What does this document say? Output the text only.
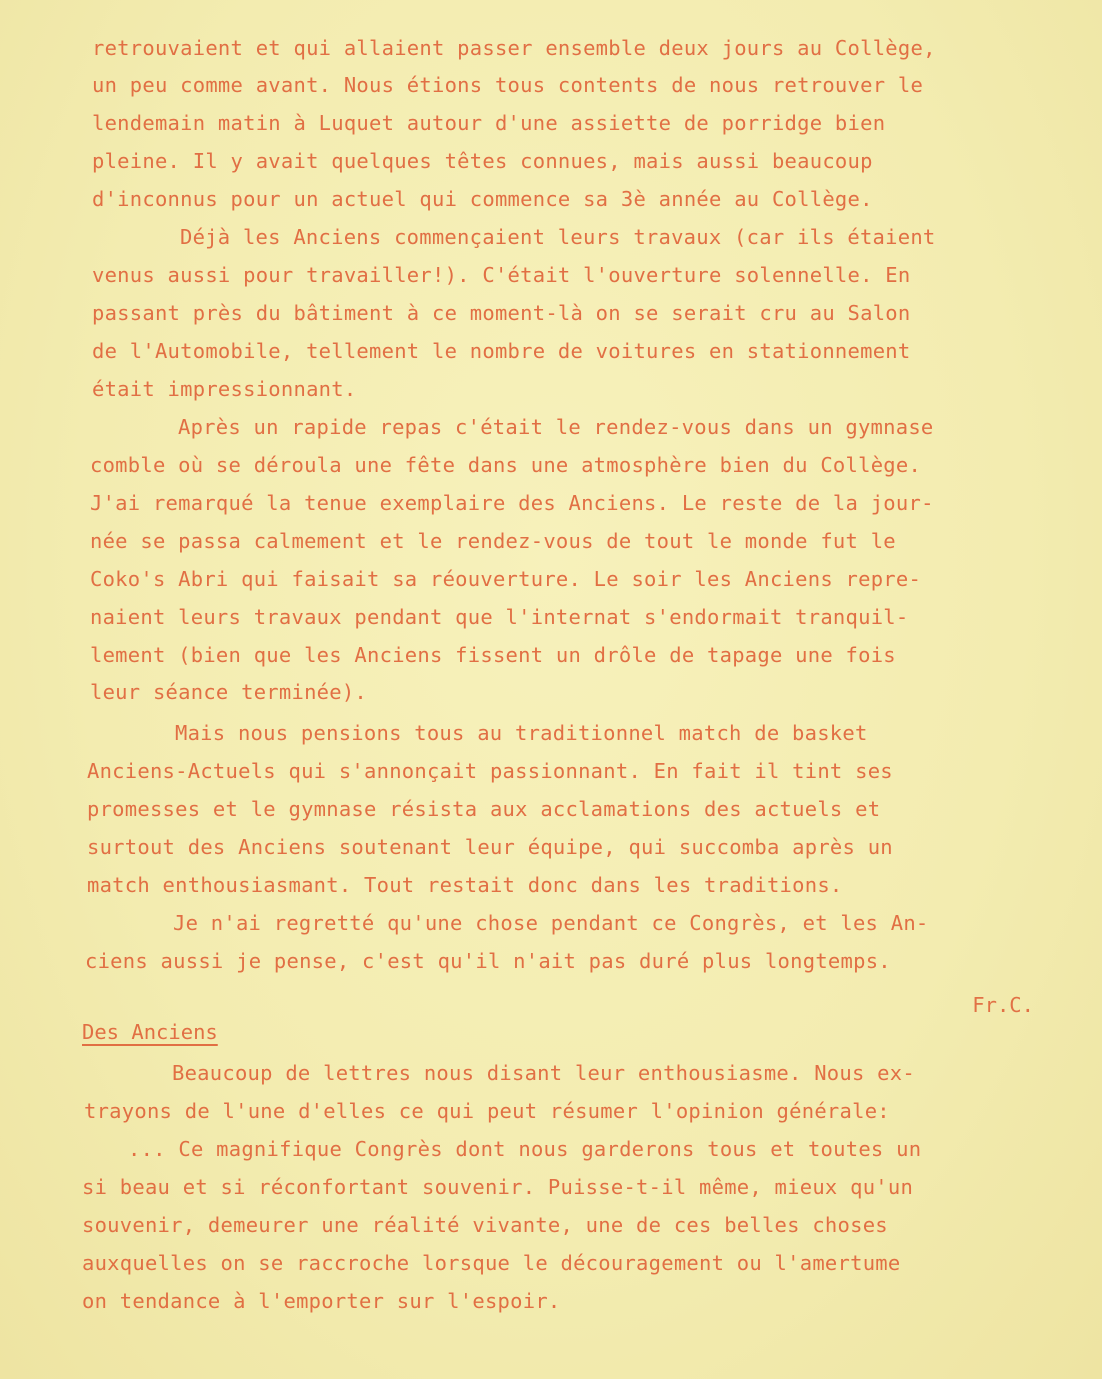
retrouvaient et qui allaient passer ensemble deux jours au Collège,
un peu comme avant. Nous étions tous contents de nous retrouver le
lendemain matin à Luquet autour d'une assiette de porridge bien
pleine. Il y avait quelques têtes connues, mais aussi beaucoup
d'inconnus pour un actuel qui commence sa 3è année au Collège.
Déjà les Anciens commençaient leurs travaux (car ils étaient
venus aussi pour travailler!). C'était l'ouverture solennelle. En
passant près du bâtiment à ce moment-là on se serait cru au Salon
de l'Automobile, tellement le nombre de voitures en stationnement
était impressionnant.
Après un rapide repas c'était le rendez-vous dans un gymnase
comble où se déroula une fête dans une atmosphère bien du Collège.
J'ai remarqué la tenue exemplaire des Anciens. Le reste de la jour-
née se passa calmement et le rendez-vous de tout le monde fut le
Coko's Abri qui faisait sa réouverture. Le soir les Anciens repre-
naient leurs travaux pendant que l'internat s'endormait tranquil-
lement (bien que les Anciens fissent un drôle de tapage une fois
leur séance terminée).
Mais nous pensions tous au traditionnel match de basket
Anciens-Actuels qui s'annonçait passionnant. En fait il tint ses
promesses et le gymnase résista aux acclamations des actuels et
surtout des Anciens soutenant leur équipe, qui succomba après un
match enthousiasmant. Tout restait donc dans les traditions.
Je n'ai regretté qu'une chose pendant ce Congrès, et les An-
ciens aussi je pense, c'est qu'il n'ait pas duré plus longtemps.
Fr.C.
Des Anciens
Beaucoup de lettres nous disant leur enthousiasme. Nous ex-
trayons de l'une d'elles ce qui peut résumer l'opinion générale:
... Ce magnifique Congrès dont nous garderons tous et toutes un
si beau et si réconfortant souvenir. Puisse-t-il même, mieux qu'un
souvenir, demeurer une réalité vivante, une de ces belles choses
auxquelles on se raccroche lorsque le découragement ou l'amertume
on tendance à l'emporter sur l'espoir.
